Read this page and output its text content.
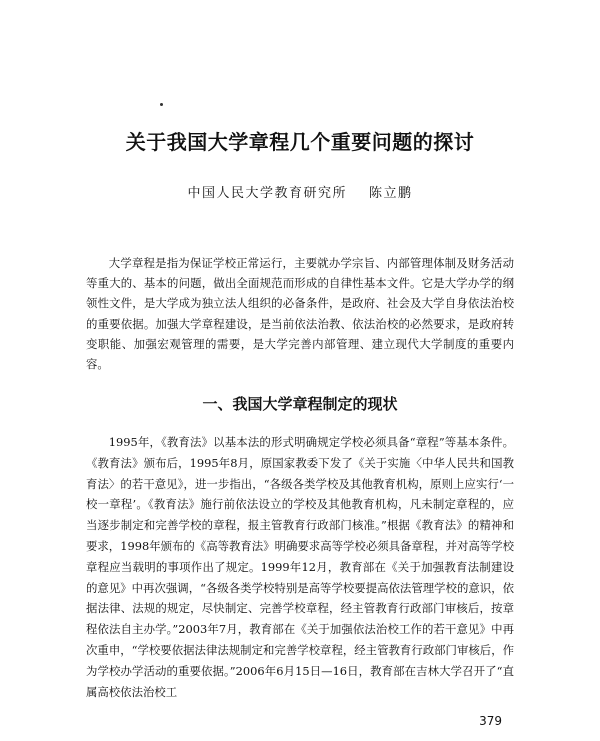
关于我国大学章程几个重要问题的探讨
中国人民大学教育研究所 陈立鹏

大学章程是指为保证学校正常运行，主要就办学宗旨、内部管理体制及财务活动等重大的、基本的问题，做出全面规范而形成的自律性基本文件。它是大学办学的纲领性文件，是大学成为独立法人组织的必备条件，是政府、社会及大学自身依法治校的重要依据。加强大学章程建设，是当前依法治教、依法治校的必然要求，是政府转变职能、加强宏观管理的需要，是大学完善内部管理、建立现代大学制度的重要内容。

一、我国大学章程制定的现状

1995年，《教育法》以基本法的形式明确规定学校必须具备“章程”等基本条件。《教育法》颁布后，1995年8月，原国家教委下发了《关于实施〈中华人民共和国教育法〉的若干意见》，进一步指出，“各级各类学校及其他教育机构，原则上应实行‘一校一章程’。《教育法》施行前依法设立的学校及其他教育机构，凡未制定章程的，应当逐步制定和完善学校的章程，报主管教育行政部门核准。”根据《教育法》的精神和要求，1998年颁布的《高等教育法》明确要求高等学校必须具备章程，并对高等学校章程应当载明的事项作出了规定。1999年12月，教育部在《关于加强教育法制建设的意见》中再次强调，“各级各类学校特别是高等学校要提高依法管理学校的意识，依据法律、法规的规定，尽快制定、完善学校章程，经主管教育行政部门审核后，按章程依法自主办学。”2003年7月，教育部在《关于加强依法治校工作的若干意见》中再次重申，“学校要依据法律法规制定和完善学校章程，经主管教育行政部门审核后，作为学校办学活动的重要依据。”2006年6月15日—16日，教育部在吉林大学召开了“直属高校依法治校工

379
